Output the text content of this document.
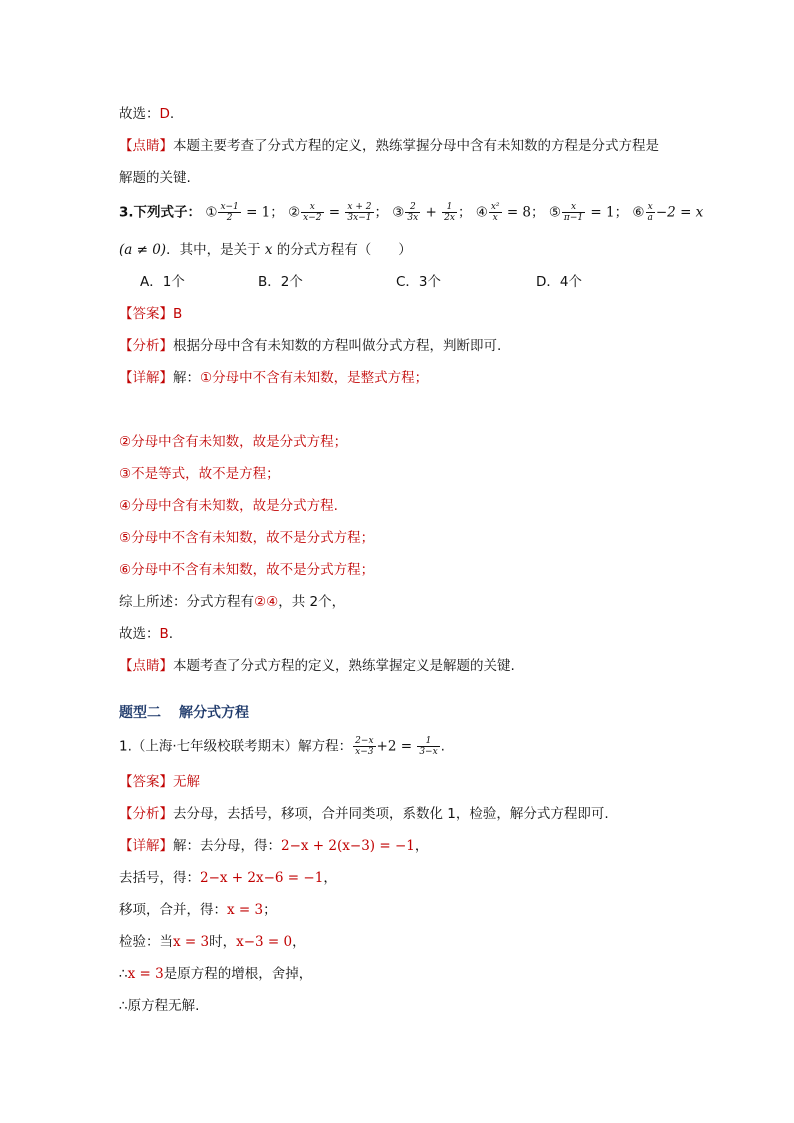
故选：D.
【点睛】本题主要考查了分式方程的定义，熟练掌握分母中含有未知数的方程是分式方程是
解题的关键.
3.下列式子： ① $\frac{x-1}{2} = 1$； ② $\frac{x}{x-2} = \frac{x + 2}{3x-1}$ ； ③ $\frac{2}{3x} + \frac{1}{2x}$ ； ④ $\frac{\text{x²}}{x} = 8$； ⑤ $\frac{x}{\pi-1} = 1$； ⑥ $\frac{x}{a} -2 = x$
(a ≠ 0)．其中，是关于 x 的分式方程有（　　）
A．1个	B．2个	C．3个	D．4个
【答案】B
【分析】根据分母中含有未知数的方程叫做分式方程，判断即可.
【详解】解：①分母中不含有未知数，是整式方程；
②分母中含有未知数，故是分式方程；
③不是等式，故不是方程；
④分母中含有未知数，故是分式方程.
⑤分母中不含有未知数，故不是分式方程；
⑥分母中不含有未知数，故不是分式方程；
综上所述：分式方程有②④，共 2个，
故选：B.
【点睛】本题考查了分式方程的定义，熟练掌握定义是解题的关键.
题型二 解分式方程
1.（上海·七年级校联考期末）解方程： $\frac{2-x}{x-3} +2 = \frac{1}{3-x}$ .
【答案】无解
【分析】去分母，去括号，移项，合并同类项，系数化 1，检验，解分式方程即可.
【详解】解：去分母，得：2−x + 2(x−3) = −1，
去括号，得：2−x + 2x−6 = −1，
移项，合并，得：x = 3；
检验：当x = 3时，x−3 = 0，
∴x = 3是原方程的增根，舍掉，
∴原方程无解.
